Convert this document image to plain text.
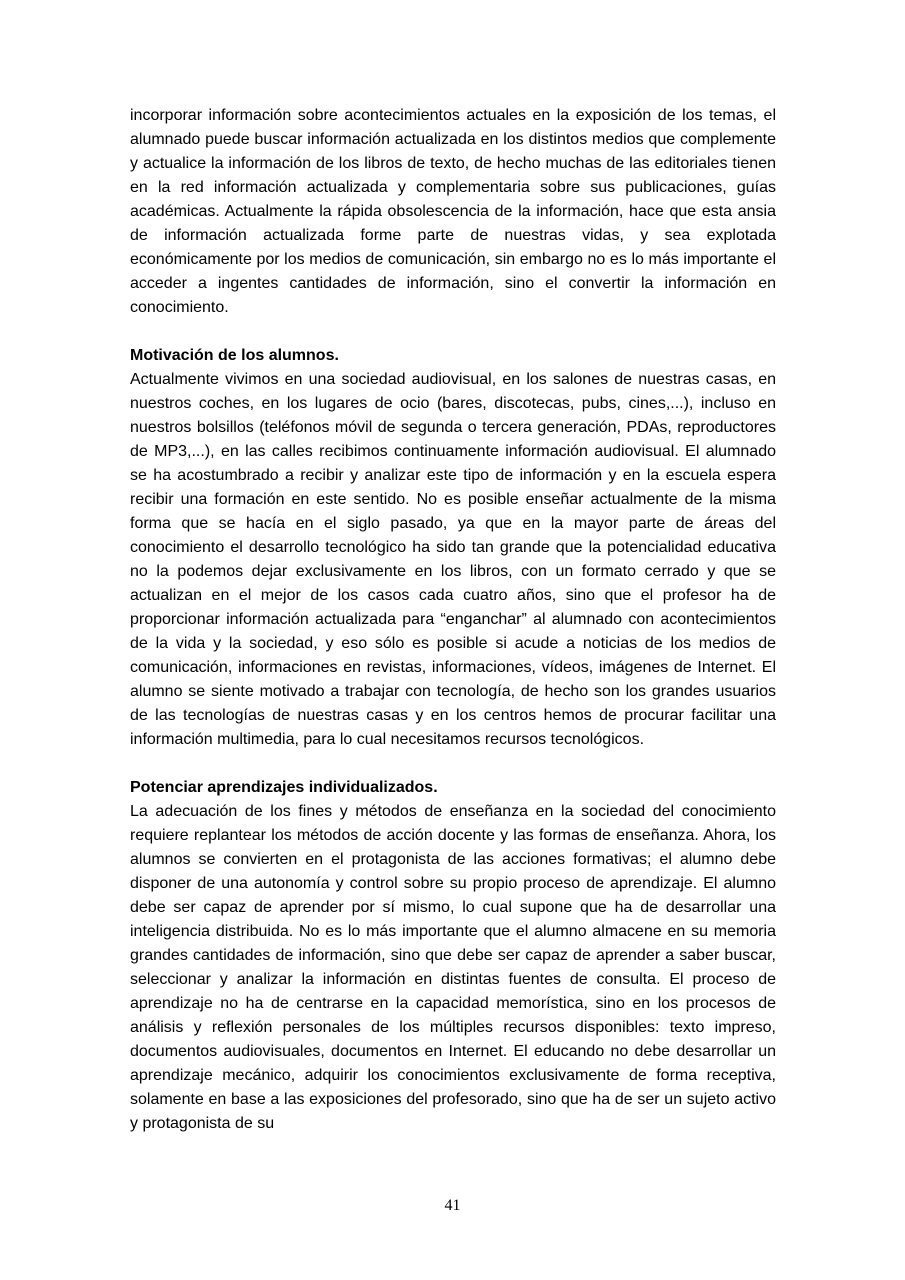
incorporar información sobre acontecimientos actuales en la exposición de los temas, el alumnado puede buscar información actualizada en los distintos medios que complemente y actualice la información de los libros de texto, de hecho muchas de las editoriales tienen en la red información actualizada y complementaria sobre sus publicaciones, guías académicas. Actualmente la rápida obsolescencia de la información, hace que esta ansia de información actualizada forme parte de nuestras vidas, y sea explotada económicamente por los medios de comunicación, sin embargo no es lo más importante el acceder a ingentes cantidades de información, sino el convertir la información en conocimiento.

Motivación de los alumnos.

Actualmente vivimos en una sociedad audiovisual, en los salones de nuestras casas, en nuestros coches, en los lugares de ocio (bares, discotecas, pubs, cines,...), incluso en nuestros bolsillos (teléfonos móvil de segunda o tercera generación, PDAs, reproductores de MP3,...), en las calles recibimos continuamente información audiovisual. El alumnado se ha acostumbrado a recibir y analizar este tipo de información y en la escuela espera recibir una formación en este sentido. No es posible enseñar actualmente de la misma forma que se hacía en el siglo pasado, ya que en la mayor parte de áreas del conocimiento el desarrollo tecnológico ha sido tan grande que la potencialidad educativa no la podemos dejar exclusivamente en los libros, con un formato cerrado y que se actualizan en el mejor de los casos cada cuatro años, sino que el profesor ha de proporcionar información actualizada para “enganchar” al alumnado con acontecimientos de la vida y la sociedad, y eso sólo es posible si acude a noticias de los medios de comunicación, informaciones en revistas, informaciones, vídeos, imágenes de Internet. El alumno se siente motivado a trabajar con tecnología, de hecho son los grandes usuarios de las tecnologías de nuestras casas y en los centros hemos de procurar facilitar una información multimedia, para lo cual necesitamos recursos tecnológicos.

Potenciar aprendizajes individualizados.

La adecuación de los fines y métodos de enseñanza en la sociedad del conocimiento requiere replantear los métodos de acción docente y las formas de enseñanza. Ahora, los alumnos se convierten en el protagonista de las acciones formativas; el alumno debe disponer de una autonomía y control sobre su propio proceso de aprendizaje. El alumno debe ser capaz de aprender por sí mismo, lo cual supone que ha de desarrollar una inteligencia distribuida. No es lo más importante que el alumno almacene en su memoria grandes cantidades de información, sino que debe ser capaz de aprender a saber buscar, seleccionar y analizar la información en distintas fuentes de consulta. El proceso de aprendizaje no ha de centrarse en la capacidad memorística, sino en los procesos de análisis y reflexión personales de los múltiples recursos disponibles: texto impreso, documentos audiovisuales, documentos en Internet. El educando no debe desarrollar un aprendizaje mecánico, adquirir los conocimientos exclusivamente de forma receptiva, solamente en base a las exposiciones del profesorado, sino que ha de ser un sujeto activo y protagonista de su

41
